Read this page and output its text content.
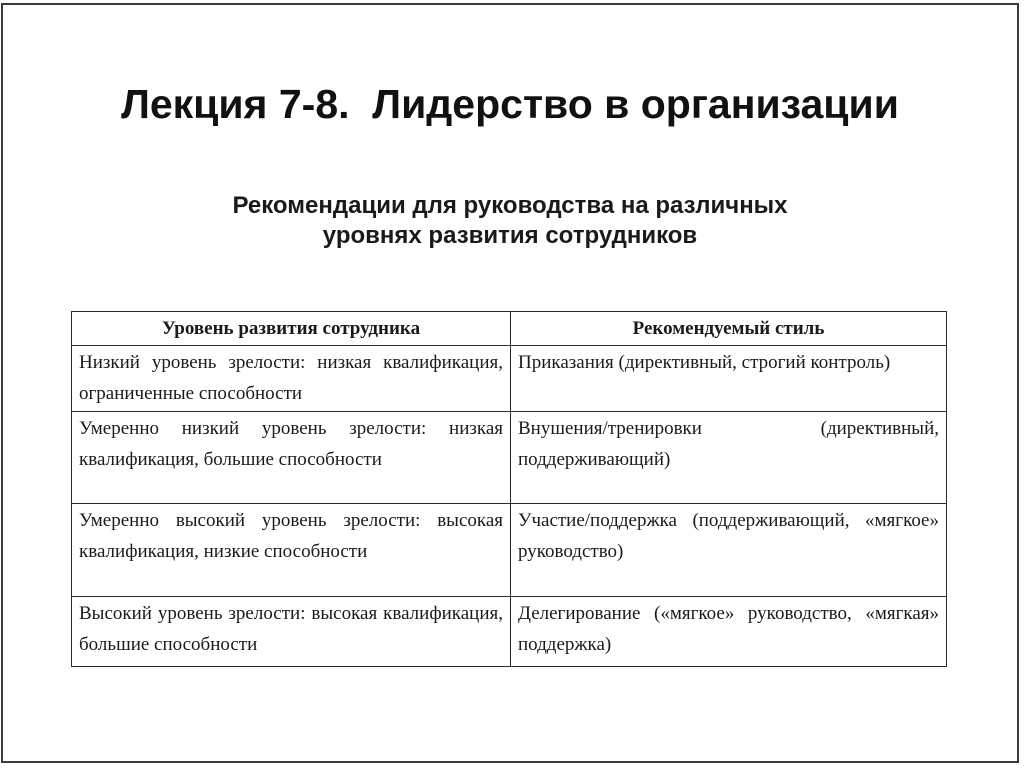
Лекция 7-8.  Лидерство в организации
Рекомендации для руководства на различных
уровнях развития сотрудников
Уровень развития сотрудника	Рекомендуемый стиль
Низкий уровень зрелости: низкая квалификация, ограниченные способности	Приказания (директивный, строгий контроль)
Умеренно низкий уровень зрелости: низкая квалификация, большие способности	Внушения/тренировки (директивный, поддерживающий)
Умеренно высокий уровень зрелости: высокая квалификация, низкие способности	Участие/поддержка (поддерживающий, «мягкое» руководство)
Высокий уровень зрелости: высокая квалификация, большие способности	Делегирование («мягкое» руководство, «мягкая» поддержка)
